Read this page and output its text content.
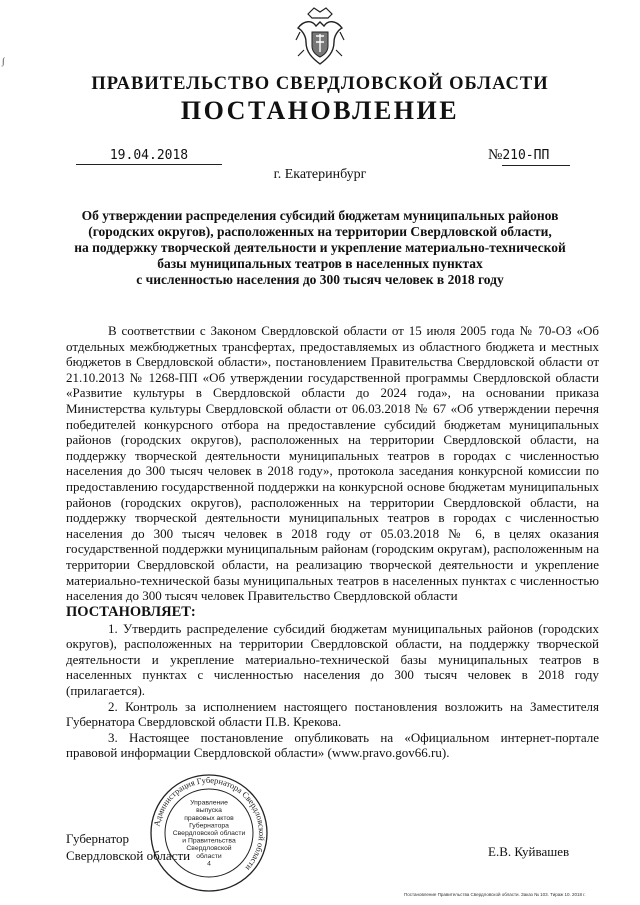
∫
ПРАВИТЕЛЬСТВО СВЕРДЛОВСКОЙ ОБЛАСТИ
ПОСТАНОВЛЕНИЕ
19.04.2018	№210-ПП
г. Екатеринбург
Об утверждении распределения субсидий бюджетам муниципальных районов
(городских округов), расположенных на территории Свердловской области,
на поддержку творческой деятельности и укрепление материально-технической
базы муниципальных театров в населенных пунктах
с численностью населения до 300 тысяч человек в 2018 году

В соответствии с Законом Свердловской области от 15 июля 2005 года № 70-ОЗ «Об отдельных межбюджетных трансфертах, предоставляемых из областного бюджета и местных бюджетов в Свердловской области», постановлением Правительства Свердловской области от 21.10.2013 № 1268-ПП «Об утверждении государственной программы Свердловской области «Развитие культуры в Свердловской области до 2024 года», на основании приказа Министерства культуры Свердловской области от 06.03.2018 № 67 «Об утверждении перечня победителей конкурсного отбора на предоставление субсидий бюджетам муниципальных районов (городских округов), расположенных на территории Свердловской области, на поддержку творческой деятельности муниципальных театров в городах с численностью населения до 300 тысяч человек в 2018 году», протокола заседания конкурсной комиссии по предоставлению государственной поддержки на конкурсной основе бюджетам муниципальных районов (городских округов), расположенных на территории Свердловской области, на поддержку творческой деятельности муниципальных театров в городах с численностью населения до 300 тысяч человек в 2018 году от 05.03.2018 № 6, в целях оказания государственной поддержки муниципальным районам (городским округам), расположенным на территории Свердловской области, на реализацию творческой деятельности и укрепление материально-технической базы муниципальных театров в населенных пунктах с численностью населения до 300 тысяч человек Правительство Свердловской области

ПОСТАНОВЛЯЕТ:

1. Утвердить распределение субсидий бюджетам муниципальных районов (городских округов), расположенных на территории Свердловской области, на поддержку творческой деятельности и укрепление материально-технической базы муниципальных театров в населенных пунктах с численностью населения до 300 тысяч человек в 2018 году (прилагается).

2. Контроль за исполнением настоящего постановления возложить на Заместителя Губернатора Свердловской области П.В. Крекова.

3. Настоящее постановление опубликовать на «Официальном интернет-портале правовой информации Свердловской области» (www.pravo.gov66.ru).

Губернатор
Свердловской области	Е.В. Куйвашев
Администрация Губернатора Свердловской области
Управление
выпуска
правовых актов
Губернатора
Свердловской области
и Правительства
Свердловской
области
4
Постановление Правительства Свердловской области. Заказ № 103. Тираж 10. 2018 г.
